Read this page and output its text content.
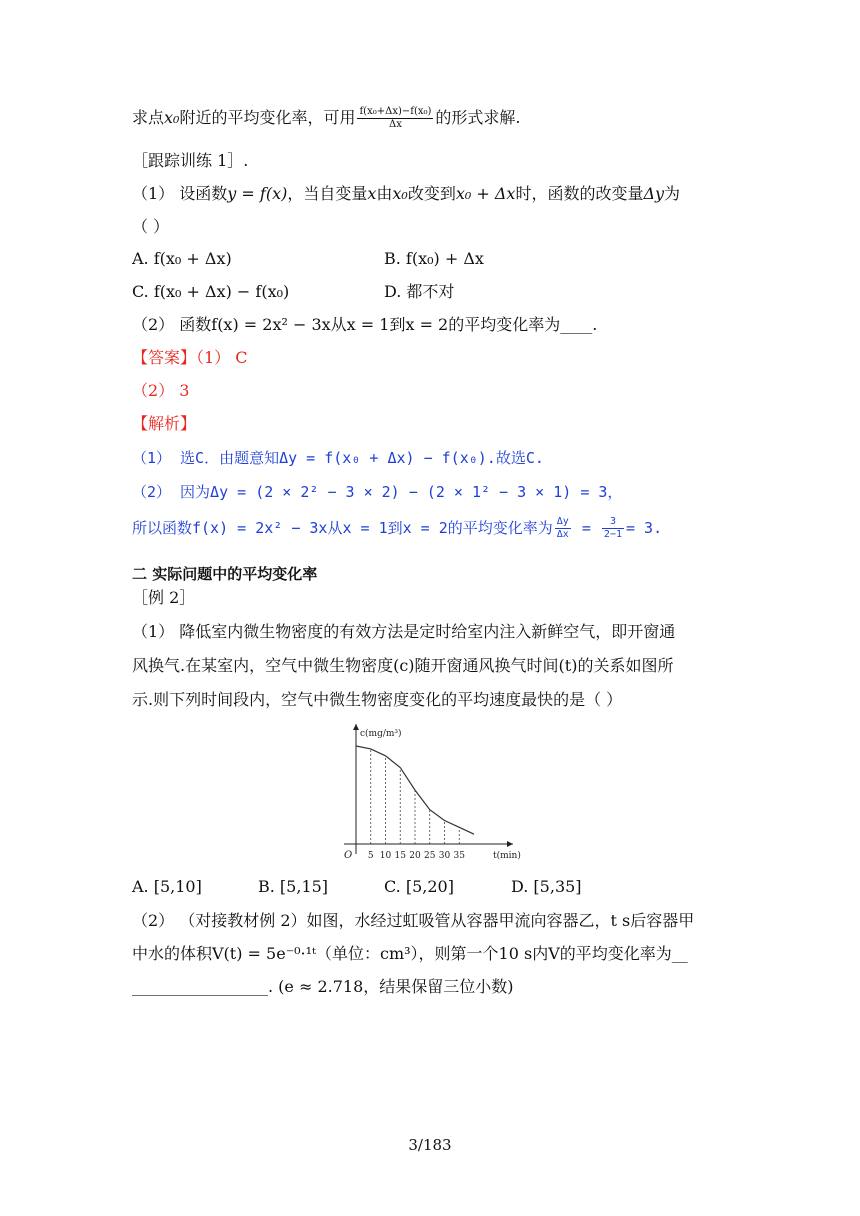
求点x₀附近的平均变化率，可用 $\frac{\text{f(x₀+Δx)−f(x₀)}}{\Delta x}$ 的形式求解.
［跟踪训练 1］.
（1） 设函数y = f(x)，当自变量x由x₀改变到x₀ + Δx时，函数的改变量Δy为
（ ）
A. f(x₀ + Δx)	B. f(x₀) + Δx
C. f(x₀ + Δx) − f(x₀)	D. 都不对
（2） 函数f(x) = 2x² − 3x从x = 1到x = 2的平均变化率为____.
【答案】（1） C
（2） 3
【解析】
（1） 选C．由题意知Δy = f(x₀ + Δx) − f(x₀).故选C.
（2） 因为Δy = (2 × 2² − 3 × 2) − (2 × 1² − 3 × 1) = 3，
所以函数f(x) = 2x² − 3x从x = 1到x = 2的平均变化率为 $\frac{\Delta y}{\Delta x} = \frac{3}{2-1} = 3$.
二 实际问题中的平均变化率
［例 2］
（1） 降低室内微生物密度的有效方法是定时给室内注入新鲜空气，即开窗通
风换气.在某室内，空气中微生物密度(c)随开窗通风换气时间(t)的关系如图所
示.则下列时间段内，空气中微生物密度变化的平均速度最快的是（ ）
c(mg/m³)
t(min)
O 5 10 15 20 25 30 35
A. [5,10]	B. [5,15]	C. [5,20]	D. [5,35]
（2） （对接教材例 2）如图，水经过虹吸管从容器甲流向容器乙，t s后容器甲
中水的体积V(t) = 5e⁻⁰·¹ᵗ（单位：cm³），则第一个10 s内V的平均变化率为__
_________________. (e ≈ 2.718，结果保留三位小数)
3/183
